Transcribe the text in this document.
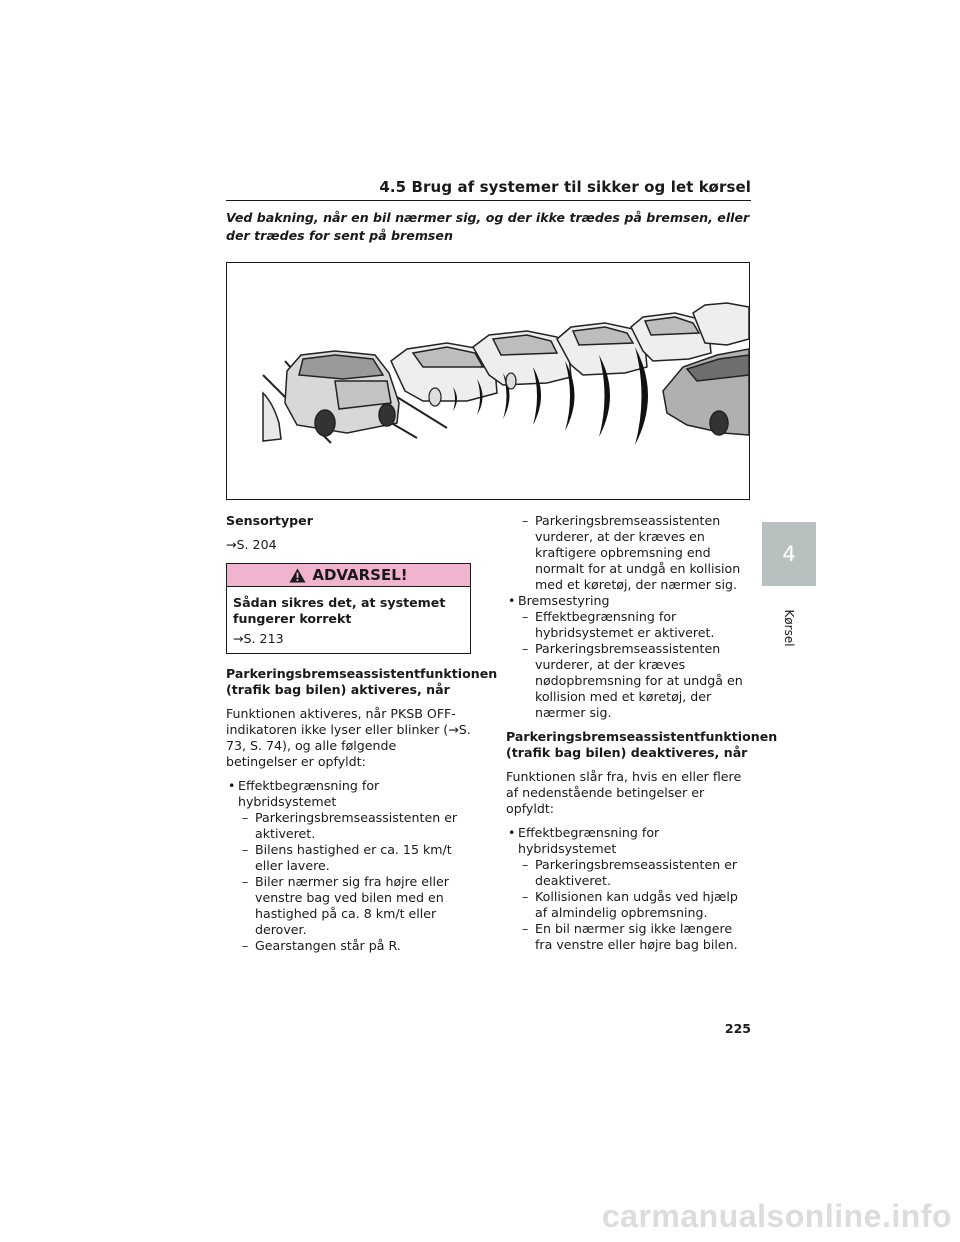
4.5 Brug af systemer til sikker og let kørsel
Ved bakning, når en bil nærmer sig, og der ikke trædes på bremsen, eller der trædes for sent på bremsen
Sensortyper
→S. 204
ADVARSEL!
Sådan sikres det, at systemet fungerer korrekt
→S. 213
Parkeringsbremseassistentfunktionen (trafik bag bilen) aktiveres, når
Funktionen aktiveres, når PKSB OFF-indikatoren ikke lyser eller blinker (→S. 73, S. 74), og alle følgende betingelser er opfyldt:
• Effektbegrænsning for hybridsystemet
– Parkeringsbremseassistenten er aktiveret.
– Bilens hastighed er ca. 15 km/t eller lavere.
– Biler nærmer sig fra højre eller venstre bag ved bilen med en hastighed på ca. 8 km/t eller derover.
– Gearstangen står på R.
– Parkeringsbremseassistenten vurderer, at der kræves en kraftigere opbremsning end normalt for at undgå en kollision med et køretøj, der nærmer sig.
• Bremsestyring
– Effektbegrænsning for hybridsystemet er aktiveret.
– Parkeringsbremseassistenten vurderer, at der kræves nødopbremsning for at undgå en kollision med et køretøj, der nærmer sig.
Parkeringsbremseassistentfunktionen (trafik bag bilen) deaktiveres, når
Funktionen slår fra, hvis en eller flere af nedenstående betingelser er opfyldt:
• Effektbegrænsning for hybridsystemet
– Parkeringsbremseassistenten er deaktiveret.
– Kollisionen kan udgås ved hjælp af almindelig opbremsning.
– En bil nærmer sig ikke længere fra venstre eller højre bag bilen.
4
Kørsel
225
carmanualsonline.info
